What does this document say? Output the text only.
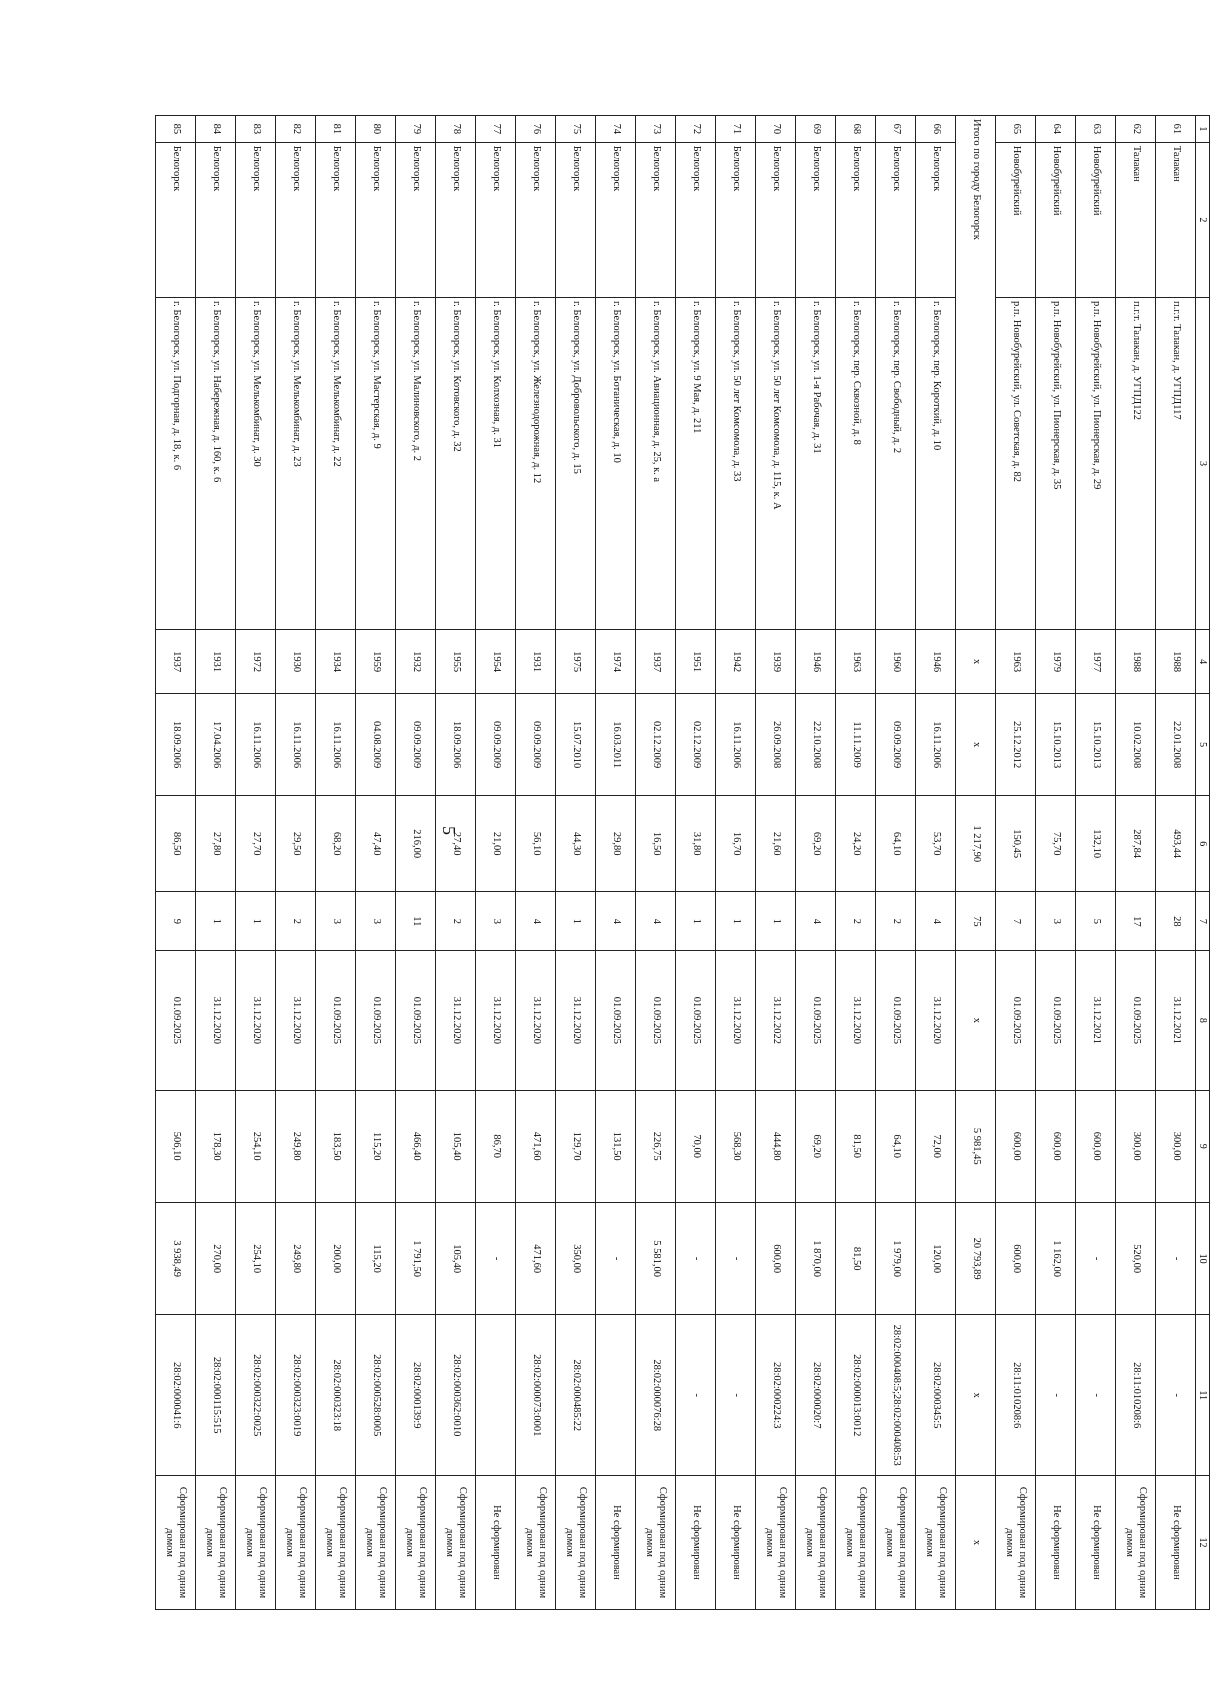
5
1	2	3	4	5	6	7	8	9	10	11	12
61	Талакан	п.г.т. Талакан, д. УГПД117	1988	22.01.2008	493,44	28	31.12.2021	300,00	-	-	Не сформирован
62	Талакан	п.г.т. Талакан, д. УГПД122	1988	10.02.2008	287,84	17	01.09.2025	300,00	520,00	28:11:010208:6	Сформирован под одним домом
63	Новобурейский	р.п. Новобурейский, ул. Пионерская, д. 29	1977	15.10.2013	132,10	5	31.12.2021	600,00	-	-	Не сформирован
64	Новобурейский	р.п. Новобурейский, ул. Пионерская, д. 35	1979	15.10.2013	75,70	3	01.09.2025	600,00	1 162,00	-	Не сформирован
65	Новобурейский	р.п. Новобурейский, ул. Советская, д. 82	1963	25.12.2012	150,45	7	01.09.2025	600,00	600,00	28:11:010208:6	Сформирован под одним домом
Итого по городу Белогорск			х	х	1 217,90	75	х	5 981,45	20 793,89	х	х
66	Белогорск	г. Белогорск, пер. Короткий, д. 10	1946	16.11.2006	53,70	4	31.12.2020	72,00	120,00	28:02:000345:5	Сформирован под одним домом
67	Белогорск	г. Белогорск, пер. Свободный, д. 2	1960	09.09.2009	64,10	2	01.09.2025	64,10	1 979,00	28:02:000408:5;28:02:000408:53	Сформирован под одним домом
68	Белогорск	г. Белогорск, пер. Сквозной, д. 8	1963	11.11.2009	24,20	2	31.12.2020	81,50	81,50	28:02:000013:0012	Сформирован под одним домом
69	Белогорск	г. Белогорск, ул. 1-я Рабочая, д. 31	1946	22.10.2008	69,20	4	01.09.2025	69,20	1 870,00	28:02:000020:7	Сформирован под одним домом
70	Белогорск	г. Белогорск, ул. 50 лет Комсомола, д. 115, к. А	1939	26.09.2008	21,60	1	31.12.2022	444,80	600,00	28:02:000224:3	Сформирован под одним домом
71	Белогорск	г. Белогорск, ул. 50 лет Комсомола, д. 33	1942	16.11.2006	16,70	1	31.12.2020	568,30	-	-	Не сформирован
72	Белогорск	г. Белогорск, ул. 9 Мая, д. 211	1951	02.12.2009	31,80	1	01.09.2025	70,00	-	-	Не сформирован
73	Белогорск	г. Белогорск, ул. Авиационная, д. 25, к. а	1937	02.12.2009	16,50	4	01.09.2025	226,75	5 581,00	28:02:000076:28	Сформирован под одним домом
74	Белогорск	г. Белогорск, ул. Ботаническая, д. 10	1974	16.03.2011	29,80	4	01.09.2025	131,50	-		Не сформирован
75	Белогорск	г. Белогорск, ул. Добровольского, д. 15	1975	15.07.2010	44,30	1	31.12.2020	129,70	350,00	28:02:000485:22	Сформирован под одним домом
76	Белогорск	г. Белогорск, ул. Железнодорожная, д. 12	1931	09.09.2009	56,10	4	31.12.2020	471,60	471,60	28:02:000073:0001	Сформирован под одним домом
77	Белогорск	г. Белогорск, ул. Колхозная, д. 31	1954	09.09.2009	21,00	3	31.12.2020	86,70	-		Не сформирован
78	Белогорск	г. Белогорск, ул. Котовского, д. 32	1955	18.09.2006	27,40	2	31.12.2020	105,40	105,40	28:02:000362:0010	Сформирован под одним домом
79	Белогорск	г. Белогорск, ул. Малиновского, д. 2	1932	09.09.2009	216,00	11	01.09.2025	466,40	1 791,50	28:02:000139:9	Сформирован под одним домом
80	Белогорск	г. Белогорск, ул. Мастерская, д. 9	1959	04.08.2009	47,40	3	01.09.2025	115,20	115,20	28:02:000528:0005	Сформирован под одним домом
81	Белогорск	г. Белогорск, ул. Мелькомбинат, д. 22	1934	16.11.2006	68,20	3	01.09.2025	183,50	200,00	28:02:000323:18	Сформирован под одним домом
82	Белогорск	г. Белогорск, ул. Мелькомбинат, д. 23	1930	16.11.2006	29,50	2	31.12.2020	249,80	249,80	28:02:000323:0019	Сформирован под одним домом
83	Белогорск	г. Белогорск, ул. Мелькомбинат, д. 30	1972	16.11.2006	27,70	1	31.12.2020	254,10	254,10	28:02:000322:0025	Сформирован под одним домом
84	Белогорск	г. Белогорск, ул. Набережная, д. 160, к. 6	1931	17.04.2006	27,80	1	31.12.2020	178,30	270,00	28:02:000115:515	Сформирован под одним домом
85	Белогорск	г. Белогорск, ул. Подгорная, д. 18, к. 6	1937	18.09.2006	86,50	9	01.09.2025	506,10	3 938,49	28:02:000041:6	Сформирован под одним домом
